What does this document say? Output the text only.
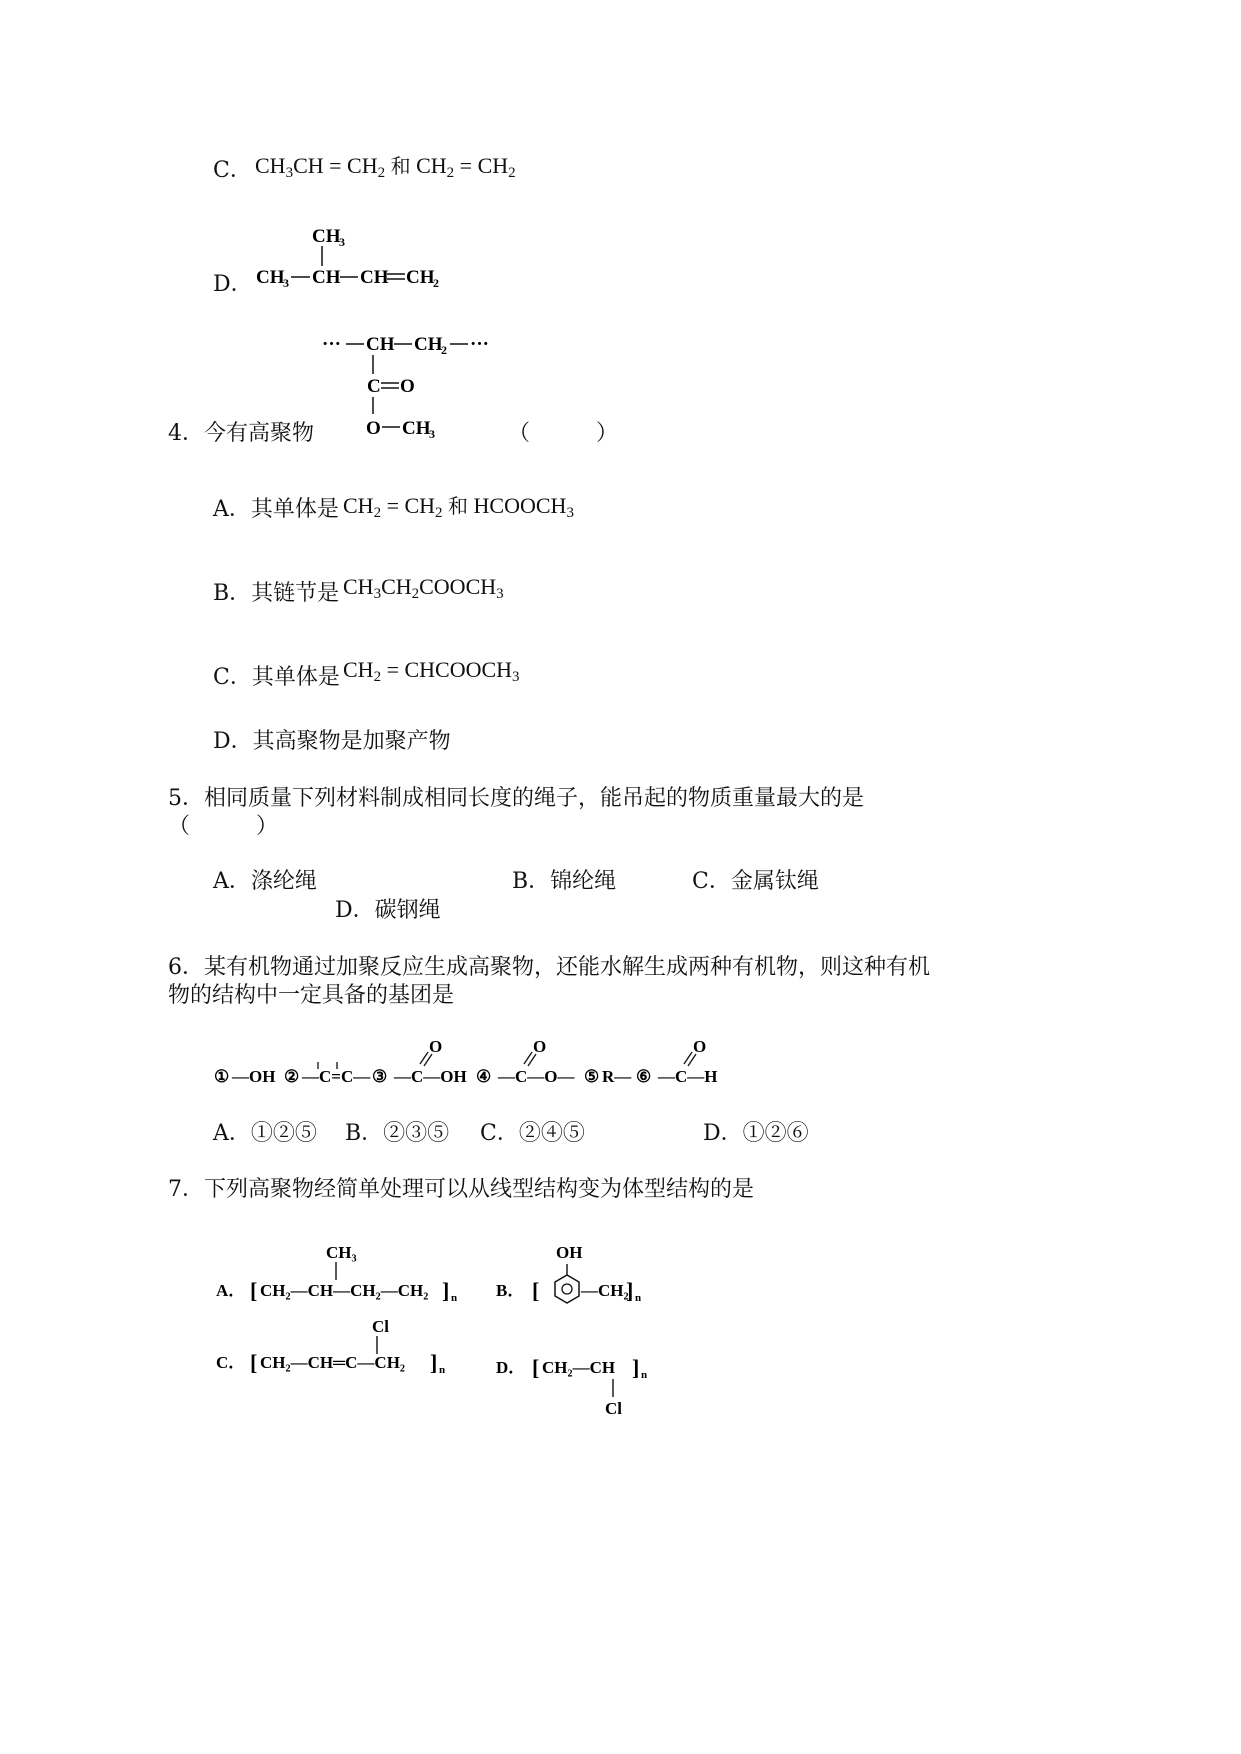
C． $CH_3CH = CH_2$ 和 $CH_2 = CH_2$
D．
CH
3
CH
3 CH CH CH
2
··· CH CH
2 ···
C O
O CH
3
4．今有高聚物	（　　　）
A．其单体是 $CH_2 = CH_2$ 和 $HCOOCH_3$
B．其链节是 $CH_3CH_2COOCH_3$
C．其单体是 $CH_2$ = $CHCOOCH_3$
D．其高聚物是加聚产物
5．相同质量下列材料制成相同长度的绳子，能吊起的物质重量最大的是
（　　　）
A．涤纶绳	B．锦纶绳	C．金属钛绳
D．碳钢绳
6．某有机物通过加聚反应生成高聚物，还能水解生成两种有机物，则这种有机
物的结构中一定具备的基团是
① —OH ② —C=C— ③ —C—OH
O
④ —C—O—
O
⑤ R— ⑥ —C—H
O
A．①②⑤ B．②③⑤ C．②④⑤	D．①②⑥
7．下列高聚物经简单处理可以从线型结构变为体型结构的是
A． [ CH₂—CH—CH₂—CH₂ ] n
CH₃
B． [
OH
—CH₂
] n
C． [ CH₂—CH═C—CH₂ ] n
Cl
D． [ CH₂—CH ] n
Cl
